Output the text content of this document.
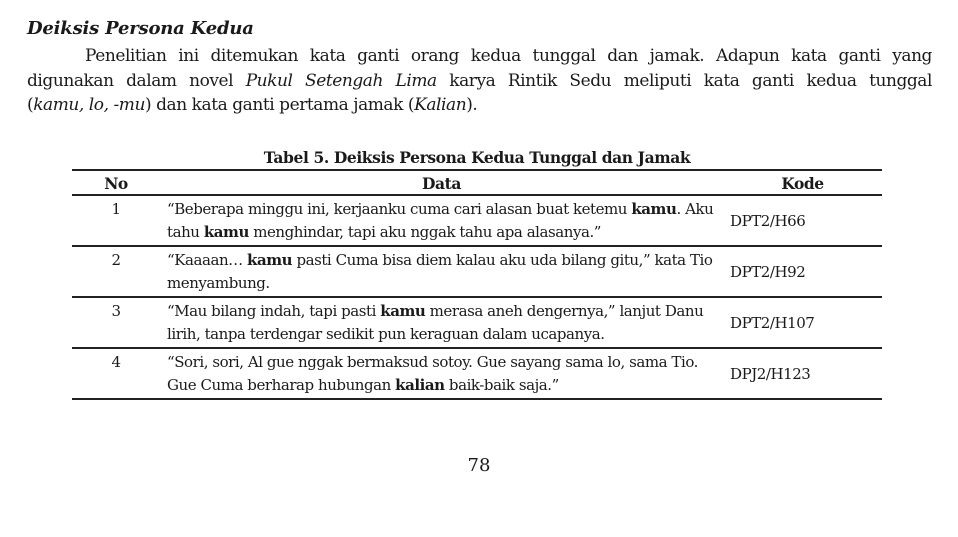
Deiksis Persona Kedua
Penelitian ini ditemukan kata ganti orang kedua tunggal dan jamak. Adapun kata ganti yang
digunakan dalam novel Pukul Setengah Lima karya Rintik Sedu meliputi kata ganti kedua tunggal
(kamu, lo, -mu) dan kata ganti pertama jamak (Kalian).
Tabel 5. Deiksis Persona Kedua Tunggal dan Jamak
No	Data	Kode
1	“Beberapa minggu ini, kerjaanku cuma cari alasan buat ketemu kamu. Aku tahu kamu menghindar, tapi aku nggak tahu apa alasanya.”	DPT2/H66
2	“Kaaaan… kamu pasti Cuma bisa diem kalau aku uda bilang gitu,” kata Tio menyambung.	DPT2/H92
3	“Mau bilang indah, tapi pasti kamu merasa aneh dengernya,” lanjut Danu lirih, tanpa terdengar sedikit pun keraguan dalam ucapanya.	DPT2/H107
4	“Sori, sori, Al gue nggak bermaksud sotoy. Gue sayang sama lo, sama Tio. Gue Cuma berharap hubungan kalian baik-baik saja.”	DPJ2/H123
78
